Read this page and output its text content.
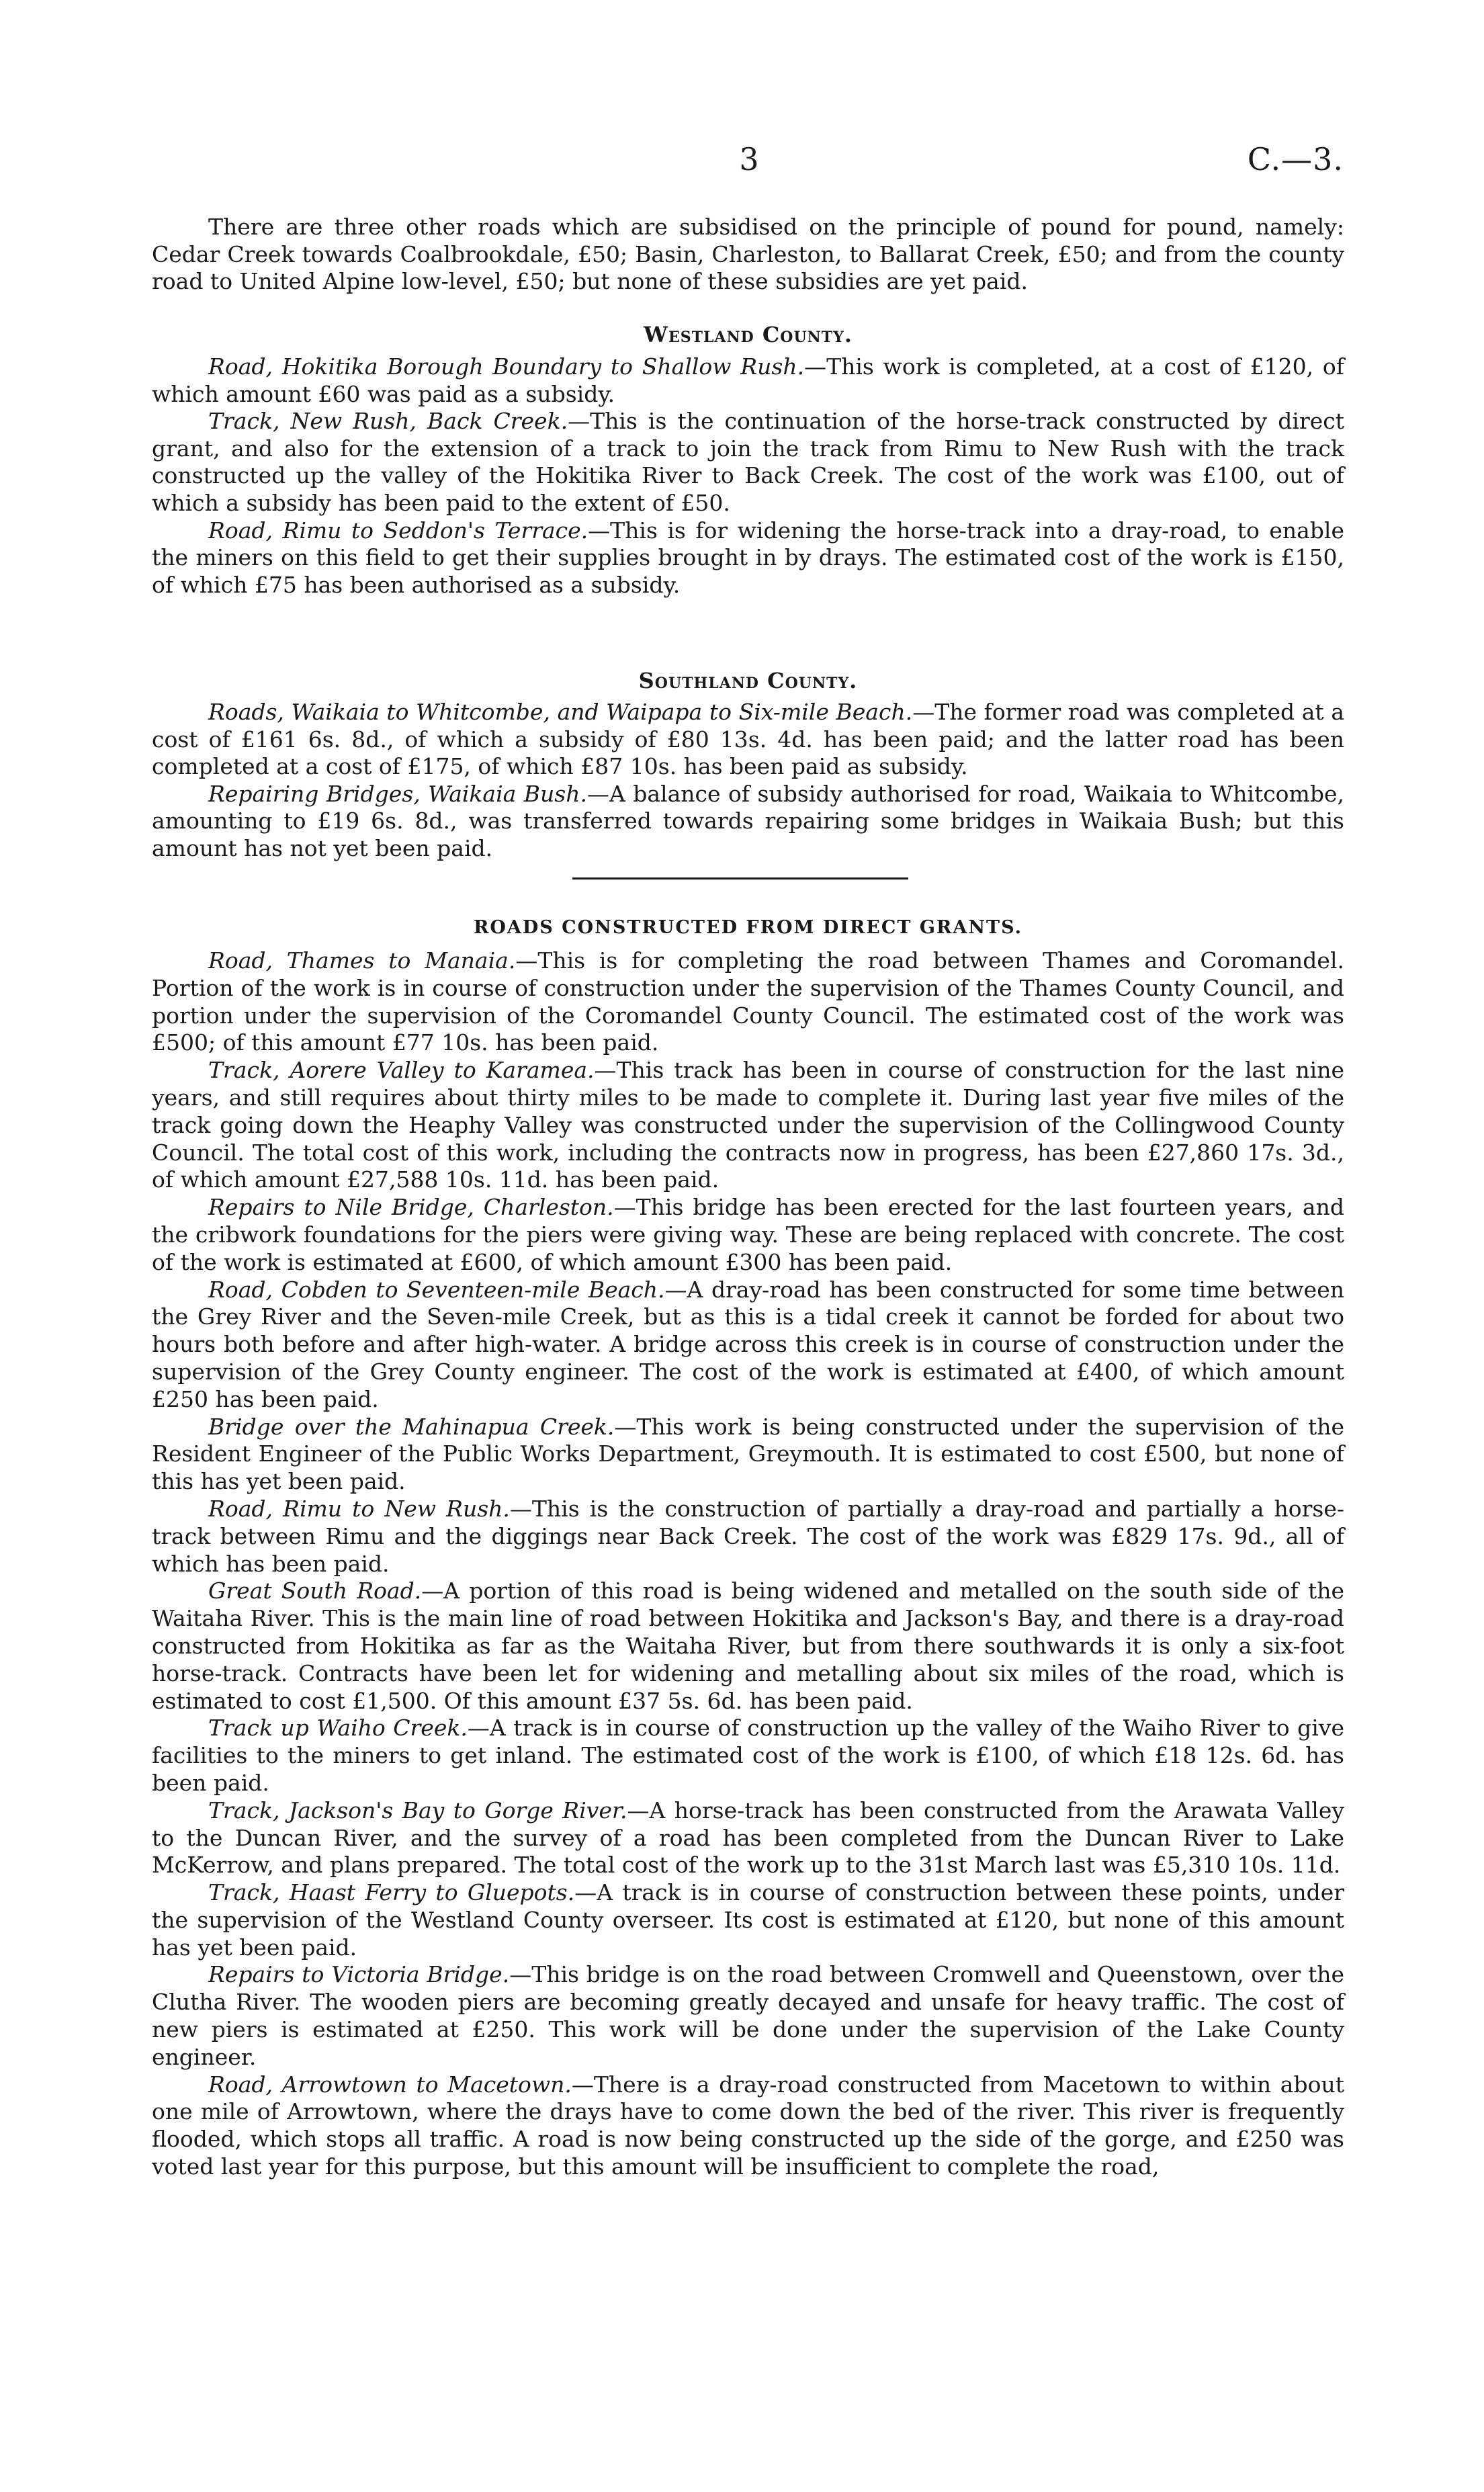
3	C.—3.

There are three other roads which are subsidised on the principle of pound for pound, namely: Cedar Creek towards Coalbrookdale, £50; Basin, Charleston, to Ballarat Creek, £50; and from the county road to United Alpine low-level, £50; but none of these subsidies are yet paid.

Westland County.

Road, Hokitika Borough Boundary to Shallow Rush.—This work is completed, at a cost of £120, of which amount £60 was paid as a subsidy.

Track, New Rush, Back Creek.—This is the continuation of the horse-track constructed by direct grant, and also for the extension of a track to join the track from Rimu to New Rush with the track constructed up the valley of the Hokitika River to Back Creek. The cost of the work was £100, out of which a subsidy has been paid to the extent of £50.

Road, Rimu to Seddon's Terrace.—This is for widening the horse-track into a dray-road, to enable the miners on this field to get their supplies brought in by drays. The estimated cost of the work is £150, of which £75 has been authorised as a subsidy.

Southland County.

Roads, Waikaia to Whitcombe, and Waipapa to Six-mile Beach.—The former road was completed at a cost of £161 6s. 8d., of which a subsidy of £80 13s. 4d. has been paid; and the latter road has been completed at a cost of £175, of which £87 10s. has been paid as subsidy.

Repairing Bridges, Waikaia Bush.—A balance of subsidy authorised for road, Waikaia to Whitcombe, amounting to £19 6s. 8d., was transferred towards repairing some bridges in Waikaia Bush; but this amount has not yet been paid.

ROADS CONSTRUCTED FROM DIRECT GRANTS.

Road, Thames to Manaia.—This is for completing the road between Thames and Coromandel. Portion of the work is in course of construction under the supervision of the Thames County Council, and portion under the supervision of the Coromandel County Council. The estimated cost of the work was £500; of this amount £77 10s. has been paid.

Track, Aorere Valley to Karamea.—This track has been in course of construction for the last nine years, and still requires about thirty miles to be made to complete it. During last year five miles of the track going down the Heaphy Valley was constructed under the supervision of the Collingwood County Council. The total cost of this work, including the contracts now in progress, has been £27,860 17s. 3d., of which amount £27,588 10s. 11d. has been paid.

Repairs to Nile Bridge, Charleston.—This bridge has been erected for the last fourteen years, and the cribwork foundations for the piers were giving way. These are being replaced with concrete. The cost of the work is estimated at £600, of which amount £300 has been paid.

Road, Cobden to Seventeen-mile Beach.—A dray-road has been constructed for some time between the Grey River and the Seven-mile Creek, but as this is a tidal creek it cannot be forded for about two hours both before and after high-water. A bridge across this creek is in course of construction under the supervision of the Grey County engineer. The cost of the work is estimated at £400, of which amount £250 has been paid.

Bridge over the Mahinapua Creek.—This work is being constructed under the supervision of the Resident Engineer of the Public Works Department, Greymouth. It is estimated to cost £500, but none of this has yet been paid.

Road, Rimu to New Rush.—This is the construction of partially a dray-road and partially a horse-track between Rimu and the diggings near Back Creek. The cost of the work was £829 17s. 9d., all of which has been paid.

Great South Road.—A portion of this road is being widened and metalled on the south side of the Waitaha River. This is the main line of road between Hokitika and Jackson's Bay, and there is a dray-road constructed from Hokitika as far as the Waitaha River, but from there southwards it is only a six-foot horse-track. Contracts have been let for widening and metalling about six miles of the road, which is estimated to cost £1,500. Of this amount £37 5s. 6d. has been paid.

Track up Waiho Creek.—A track is in course of construction up the valley of the Waiho River to give facilities to the miners to get inland. The estimated cost of the work is £100, of which £18 12s. 6d. has been paid.

Track, Jackson's Bay to Gorge River.—A horse-track has been constructed from the Arawata Valley to the Duncan River, and the survey of a road has been completed from the Duncan River to Lake McKerrow, and plans prepared. The total cost of the work up to the 31st March last was £5,310 10s. 11d.

Track, Haast Ferry to Gluepots.—A track is in course of construction between these points, under the supervision of the Westland County overseer. Its cost is estimated at £120, but none of this amount has yet been paid.

Repairs to Victoria Bridge.—This bridge is on the road between Cromwell and Queenstown, over the Clutha River. The wooden piers are becoming greatly decayed and unsafe for heavy traffic. The cost of new piers is estimated at £250. This work will be done under the supervision of the Lake County engineer.

Road, Arrowtown to Macetown.—There is a dray-road constructed from Macetown to within about one mile of Arrowtown, where the drays have to come down the bed of the river. This river is frequently flooded, which stops all traffic. A road is now being constructed up the side of the gorge, and £250 was voted last year for this purpose, but this amount will be insufficient to complete the road,
